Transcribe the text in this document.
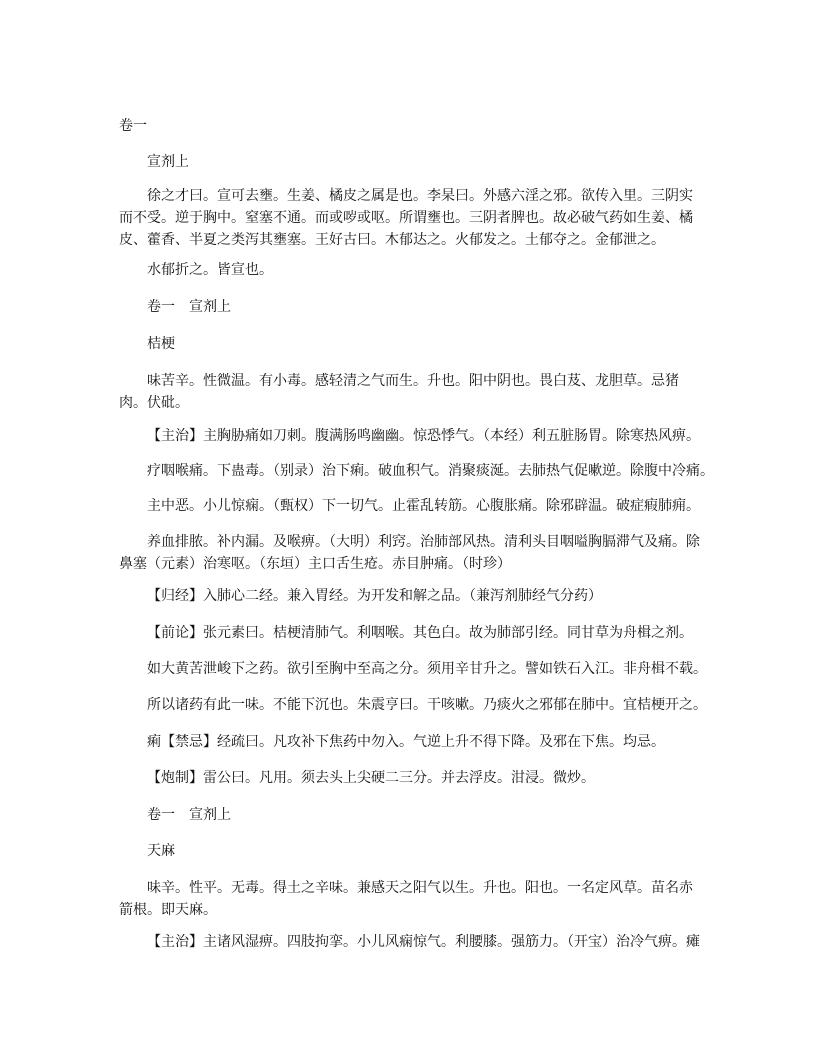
卷一

宣剂上

徐之才曰。宣可去壅。生姜、橘皮之属是也。李杲曰。外感六淫之邪。欲传入里。三阴实而不受。逆于胸中。窒塞不通。而或哕或呕。所谓壅也。三阴者脾也。故必破气药如生姜、橘皮、藿香、半夏之类泻其壅塞。王好古曰。木郁达之。火郁发之。土郁夺之。金郁泄之。

水郁折之。皆宣也。

卷一　宣剂上

桔梗

味苦辛。性微温。有小毒。感轻清之气而生。升也。阳中阴也。畏白芨、龙胆草。忌猪肉。伏砒。

【主治】主胸胁痛如刀刺。腹满肠鸣幽幽。惊恐悸气。（本经）利五脏肠胃。除寒热风痹。

疗咽喉痛。下蛊毒。（别录）治下痢。破血积气。消聚痰涎。去肺热气促嗽逆。除腹中冷痛。

主中恶。小儿惊痫。（甄权）下一切气。止霍乱转筋。心腹胀痛。除邪辟温。破症瘕肺痈。

养血排脓。补内漏。及喉痹。（大明）利窍。治肺部风热。清利头目咽嗌胸膈滞气及痛。除鼻塞（元素）治寒呕。（东垣）主口舌生疮。赤目肿痛。（时珍）

【归经】入肺心二经。兼入胃经。为开发和解之品。（兼泻剂肺经气分药）

【前论】张元素曰。桔梗清肺气。利咽喉。其色白。故为肺部引经。同甘草为舟楫之剂。

如大黄苦泄峻下之药。欲引至胸中至高之分。须用辛甘升之。譬如铁石入江。非舟楫不载。

所以诸药有此一味。不能下沉也。朱震亨曰。干咳嗽。乃痰火之邪郁在肺中。宜桔梗开之。

痢【禁忌】经疏曰。凡攻补下焦药中勿入。气逆上升不得下降。及邪在下焦。均忌。

【炮制】雷公曰。凡用。须去头上尖硬二三分。并去浮皮。泔浸。微炒。

卷一　宣剂上

天麻

味辛。性平。无毒。得土之辛味。兼感天之阳气以生。升也。阳也。一名定风草。苗名赤箭根。即天麻。

【主治】主诸风湿痹。四肢拘挛。小儿风痫惊气。利腰膝。强筋力。（开宝）治冷气痹。瘫
